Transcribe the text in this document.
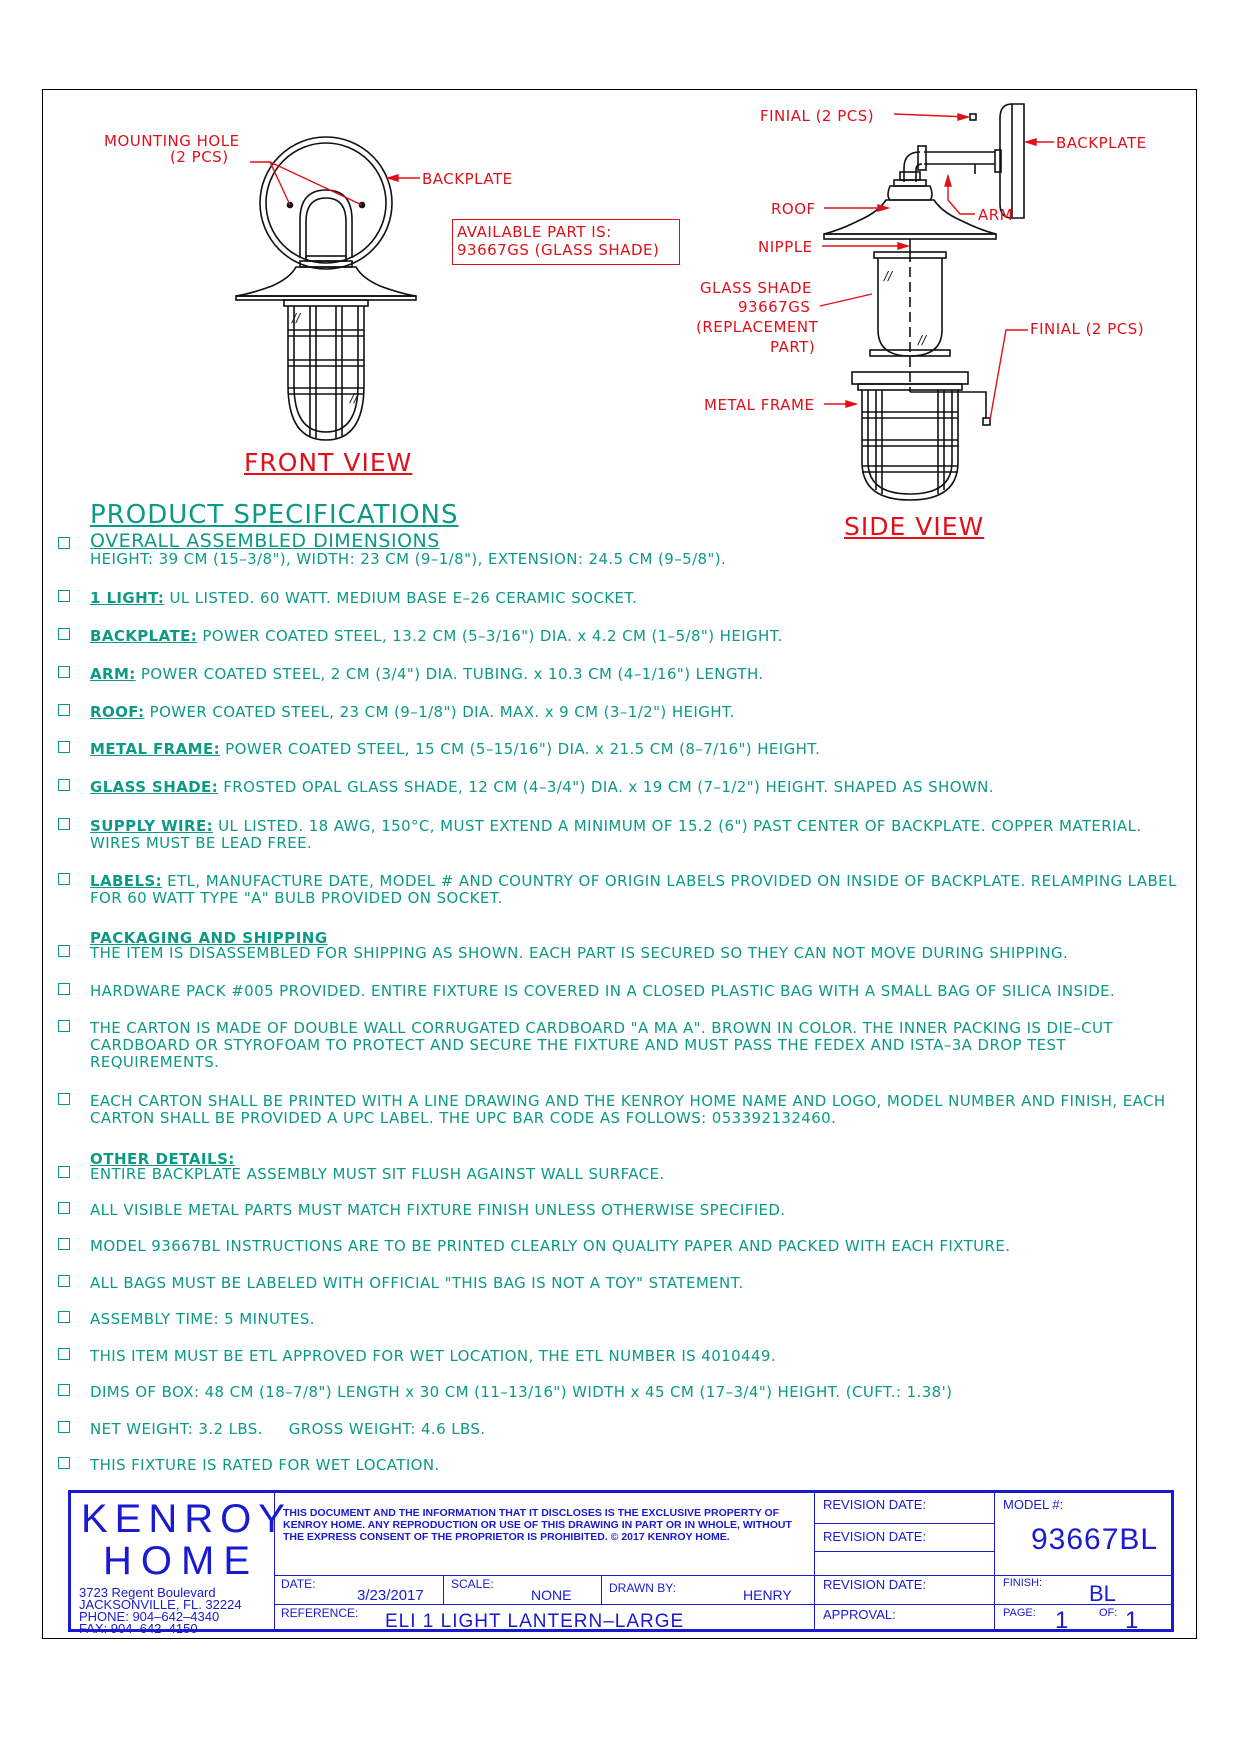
//
//
MOUNTING HOLE
(2 PCS)
BACKPLATE
FRONT VIEW
AVAILABLE PART IS:
93667GS (GLASS SHADE)
//
//
FINIAL (2 PCS)
BACKPLATE
ROOF	ARM
NIPPLE
GLASS SHADE
93667GS
(REPLACEMENT
PART)
FINIAL (2 PCS)
METAL FRAME
SIDE VIEW
PRODUCT SPECIFICATIONS
OVERALL ASSEMBLED DIMENSIONS
HEIGHT: 39 CM (15–3/8"), WIDTH: 23 CM (9–1/8"), EXTENSION: 24.5 CM (9–5/8").
1 LIGHT: UL LISTED. 60 WATT. MEDIUM BASE E–26 CERAMIC SOCKET.
BACKPLATE: POWER COATED STEEL, 13.2 CM (5–3/16") DIA. x 4.2 CM (1–5/8") HEIGHT.
ARM: POWER COATED STEEL, 2 CM (3/4") DIA. TUBING. x 10.3 CM (4–1/16") LENGTH.
ROOF: POWER COATED STEEL, 23 CM (9–1/8") DIA. MAX. x 9 CM (3–1/2") HEIGHT.
METAL FRAME: POWER COATED STEEL, 15 CM (5–15/16") DIA. x 21.5 CM (8–7/16") HEIGHT.
GLASS SHADE: FROSTED OPAL GLASS SHADE, 12 CM (4–3/4") DIA. x 19 CM (7–1/2") HEIGHT. SHAPED AS SHOWN.
SUPPLY WIRE: UL LISTED. 18 AWG, 150°C, MUST EXTEND A MINIMUM OF 15.2 (6") PAST CENTER OF BACKPLATE. COPPER MATERIAL. WIRES MUST BE LEAD FREE.
LABELS: ETL, MANUFACTURE DATE, MODEL # AND COUNTRY OF ORIGIN LABELS PROVIDED ON INSIDE OF BACKPLATE. RELAMPING LABEL FOR 60 WATT TYPE "A" BULB PROVIDED ON SOCKET.
PACKAGING AND SHIPPING
THE ITEM IS DISASSEMBLED FOR SHIPPING AS SHOWN. EACH PART IS SECURED SO THEY CAN NOT MOVE DURING SHIPPING.
HARDWARE PACK #005 PROVIDED. ENTIRE FIXTURE IS COVERED IN A CLOSED PLASTIC BAG WITH A SMALL BAG OF SILICA INSIDE.
THE CARTON IS MADE OF DOUBLE WALL CORRUGATED CARDBOARD "A MA A". BROWN IN COLOR. THE INNER PACKING IS DIE–CUT CARDBOARD OR STYROFOAM TO PROTECT AND SECURE THE FIXTURE AND MUST PASS THE FEDEX AND ISTA–3A DROP TEST REQUIREMENTS.
EACH CARTON SHALL BE PRINTED WITH A LINE DRAWING AND THE KENROY HOME NAME AND LOGO, MODEL NUMBER AND FINISH, EACH CARTON SHALL BE PROVIDED A UPC LABEL. THE UPC BAR CODE AS FOLLOWS: 053392132460.
OTHER DETAILS:
ENTIRE BACKPLATE ASSEMBLY MUST SIT FLUSH AGAINST WALL SURFACE.
ALL VISIBLE METAL PARTS MUST MATCH FIXTURE FINISH UNLESS OTHERWISE SPECIFIED.
MODEL 93667BL INSTRUCTIONS ARE TO BE PRINTED CLEARLY ON QUALITY PAPER AND PACKED WITH EACH FIXTURE.
ALL BAGS MUST BE LABELED WITH OFFICIAL "THIS BAG IS NOT A TOY" STATEMENT.
ASSEMBLY TIME: 5 MINUTES.
THIS ITEM MUST BE ETL APPROVED FOR WET LOCATION, THE ETL NUMBER IS 4010449.
DIMS OF BOX: 48 CM (18–7/8") LENGTH x 30 CM (11–13/16") WIDTH x 45 CM (17–3/4") HEIGHT. (CUFT.: 1.38')
NET WEIGHT: 3.2 LBS.     GROSS WEIGHT: 4.6 LBS.
THIS FIXTURE IS RATED FOR WET LOCATION.
KENROY
HOME
3723 Regent Boulevard
JACKSONVILLE, FL. 32224
PHONE: 904–642–4340
FAX: 904–642–4150
THIS DOCUMENT AND THE INFORMATION THAT IT DISCLOSES IS THE EXCLUSIVE PROPERTY OF KENROY HOME. ANY REPRODUCTION OR USE OF THIS DRAWING IN PART OR IN WHOLE, WITHOUT THE EXPRESS CONSENT OF THE PROPRIETOR IS PROHIBITED. © 2017 KENROY HOME.
DATE:
3/23/2017
SCALE:
NONE	DRAWN BY:	HENRY
REFERENCE: ELI 1 LIGHT LANTERN–LARGE
REVISION DATE:
REVISION DATE:
REVISION DATE:
APPROVAL:
MODEL #:
93667BL
FINISH: BL
PAGE: 1	OF: 1
